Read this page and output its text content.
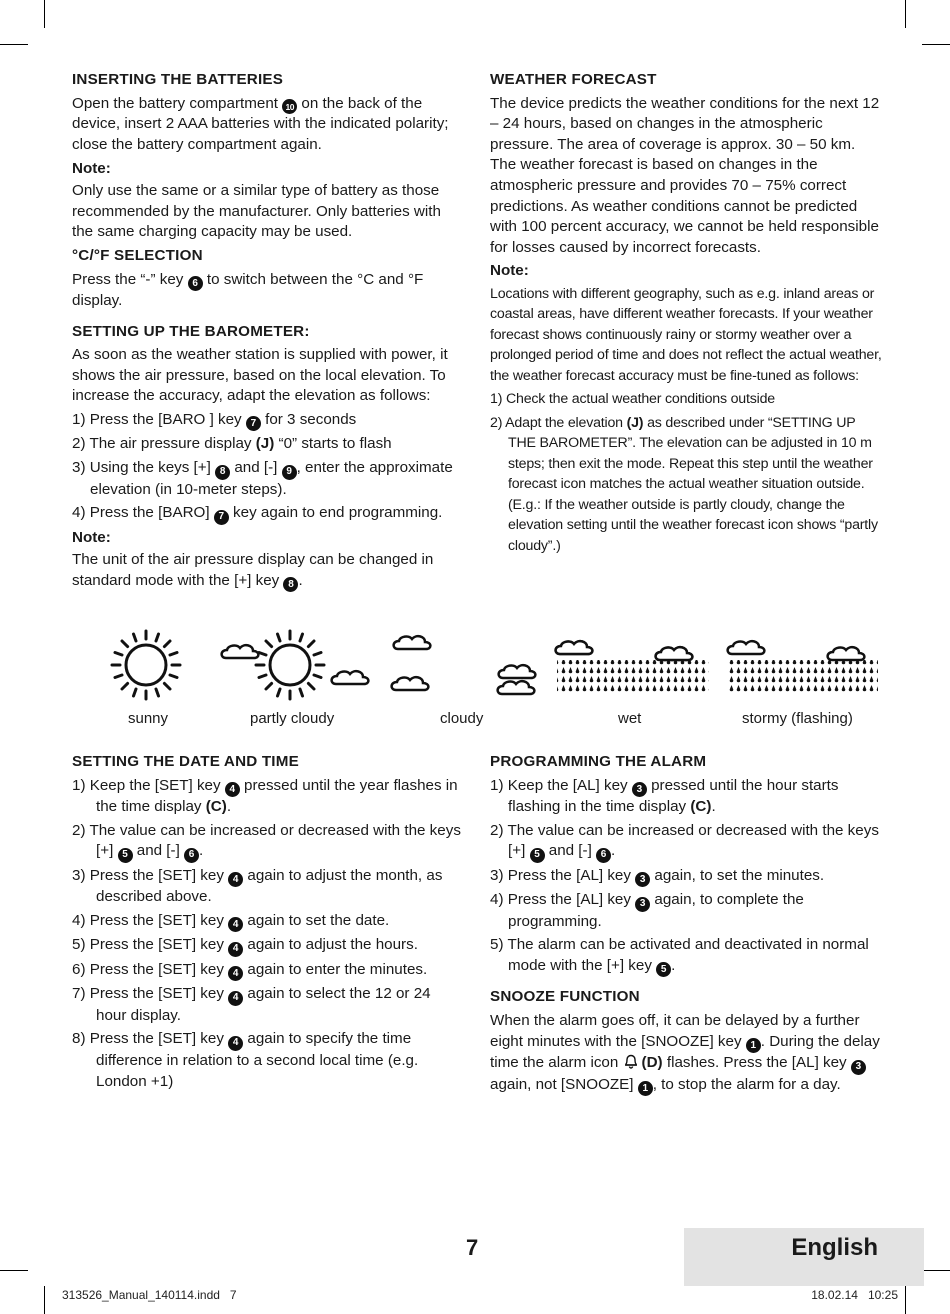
INSERTING THE BATTERIES

Open the battery compartment 10 on the back of the device, insert 2 AAA batteries with the indicated polarity; close the battery compartment again.

Note:

Only use the same or a similar type of battery as those recommended by the manufacturer. Only batteries with the same charging capacity may be used.

°C/°F SELECTION

Press the “-” key 6 to switch between the °C and °F display.

SETTING UP THE BAROMETER:

As soon as the weather station is supplied with power, it shows the air pressure, based on the local elevation. To increase the accuracy, adapt the elevation as follows:

1) Press the [BARO ] key 7 for 3 seconds
2) The air pressure display (J) “0” starts to flash
3) Using the keys [+] 8 and [-] 9 , enter the approximate elevation (in 10-meter steps).
4) Press the [BARO] 7 key again to end programming.
Note:

The unit of the air pressure display can be changed in standard mode with the [+] key 8 .

WEATHER FORECAST

The device predicts the weather conditions for the next 12 – 24 hours, based on changes in the atmospheric pressure. The area of coverage is approx. 30 – 50 km. The weather forecast is based on changes in the atmospheric pressure and provides 70 – 75% correct predictions. As weather conditions cannot be predicted with 100 percent accuracy, we cannot be held responsible for losses caused by incorrect forecasts.

Note:

Locations with different geography, such as e.g. inland areas or coastal areas, have different weather forecasts. If your weather forecast shows continuously rainy or stormy weather over a prolonged period of time and does not reflect the actual weather, the weather forecast accuracy must be fine-tuned as follows:

1) Check the actual weather conditions outside
2) Adapt the elevation (J) as described under “SETTING UP THE BAROMETER”. The elevation can be adjusted in 10 m steps; then exit the mode. Repeat this step until the weather forecast icon matches the actual weather situation outside. (E.g.: If the weather outside is partly cloudy, change the elevation setting until the weather forecast icon shows “partly cloudy”.)
sunny	partly cloudy	cloudy	wet	stormy (flashing)
SETTING THE DATE AND TIME
1) Keep the [SET] key 4 pressed until the year flashes in the time display (C).
2) The value can be increased or decreased with the keys [+] 5 and [-] 6 .
3) Press the [SET] key 4 again to adjust the month, as described above.
4) Press the [SET] key 4 again to set the date.
5) Press the [SET] key 4 again to adjust the hours.
6) Press the [SET] key 4 again to enter the minutes.
7) Press the [SET] key 4 again to select the 12 or 24 hour display.
8) Press the [SET] key 4 again to specify the time difference in relation to a second local time (e.g. London +1)
PROGRAMMING THE ALARM
1) Keep the [AL] key 3 pressed until the hour starts flashing in the time display (C).
2) The value can be increased or decreased with the keys [+] 5 and [-] 6 .
3) Press the [AL] key 3 again, to set the minutes.
4) Press the [AL] key 3 again, to complete the programming.
5) The alarm can be activated and deactivated in normal mode with the [+] key 5 .
SNOOZE FUNCTION

When the alarm goes off, it can be delayed by a further eight minutes with the [SNOOZE] key 1 . During the delay time the alarm icon (D) flashes. Press the [AL] key 3 again, not [SNOOZE] 1 , to stop the alarm for a day.

English
7
313526_Manual_140114.indd   7	18.02.14   10:25
